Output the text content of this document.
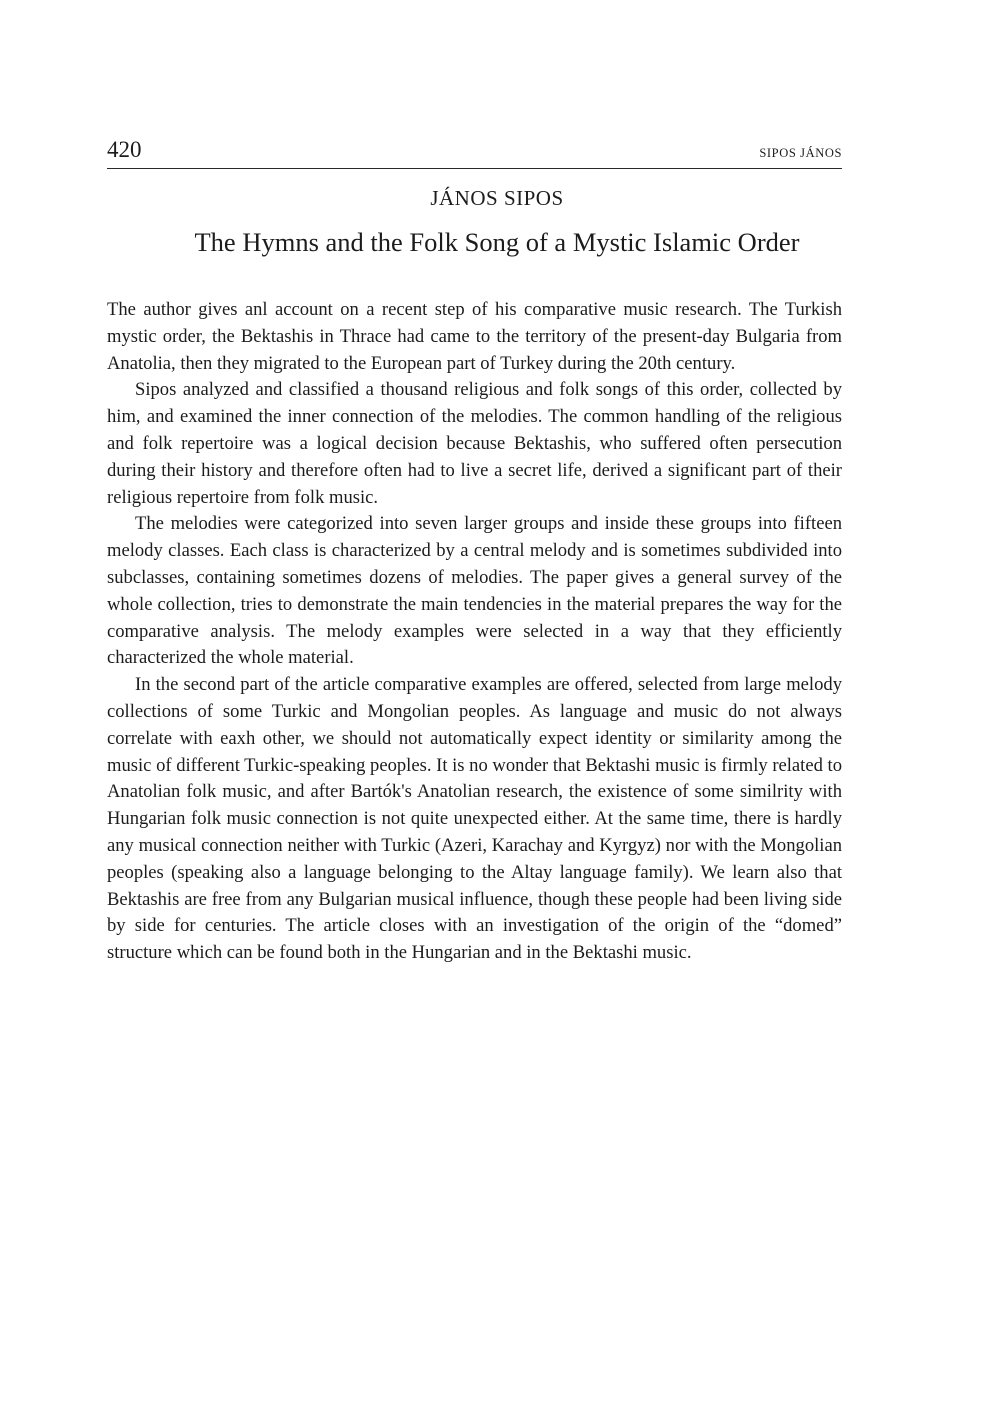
420	SIPOS JÁNOS
JÁNOS SIPOS
The Hymns and the Folk Song of a Mystic Islamic Order

The author gives anl account on a recent step of his comparative music research. The Turkish mystic order, the Bektashis in Thrace had came to the territory of the present-day Bulgaria from Anatolia, then they migrated to the European part of Turkey during the 20th century.

Sipos analyzed and classified a thousand religious and folk songs of this order, collected by him, and examined the inner connection of the melodies. The common handling of the religious and folk repertoire was a logical decision because Bektashis, who suffered often persecution during their history and therefore often had to live a secret life, derived a significant part of their religious repertoire from folk music.

The melodies were categorized into seven larger groups and inside these groups into fifteen melody classes. Each class is characterized by a central melody and is sometimes subdivided into subclasses, containing sometimes dozens of melodies. The paper gives a general survey of the whole collection, tries to demonstrate the main tendencies in the material prepares the way for the comparative analysis. The melody examples were selected in a way that they efficiently characterized the whole material.

In the second part of the article comparative examples are offered, selected from large melody collections of some Turkic and Mongolian peoples. As language and music do not always correlate with eaxh other, we should not automatically expect identity or similarity among the music of different Turkic-speaking peoples. It is no wonder that Bektashi music is firmly related to Anatolian folk music, and after Bartók's Anatolian research, the existence of some similrity with Hungarian folk music connection is not quite unexpected either. At the same time, there is hardly any musical connection neither with Turkic (Azeri, Karachay and Kyrgyz) nor with the Mongolian peoples (speaking also a language belonging to the Altay language family). We learn also that Bektashis are free from any Bulgarian musical influence, though these people had been living side by side for centuries. The article closes with an investigation of the origin of the “domed” structure which can be found both in the Hungarian and in the Bektashi music.
